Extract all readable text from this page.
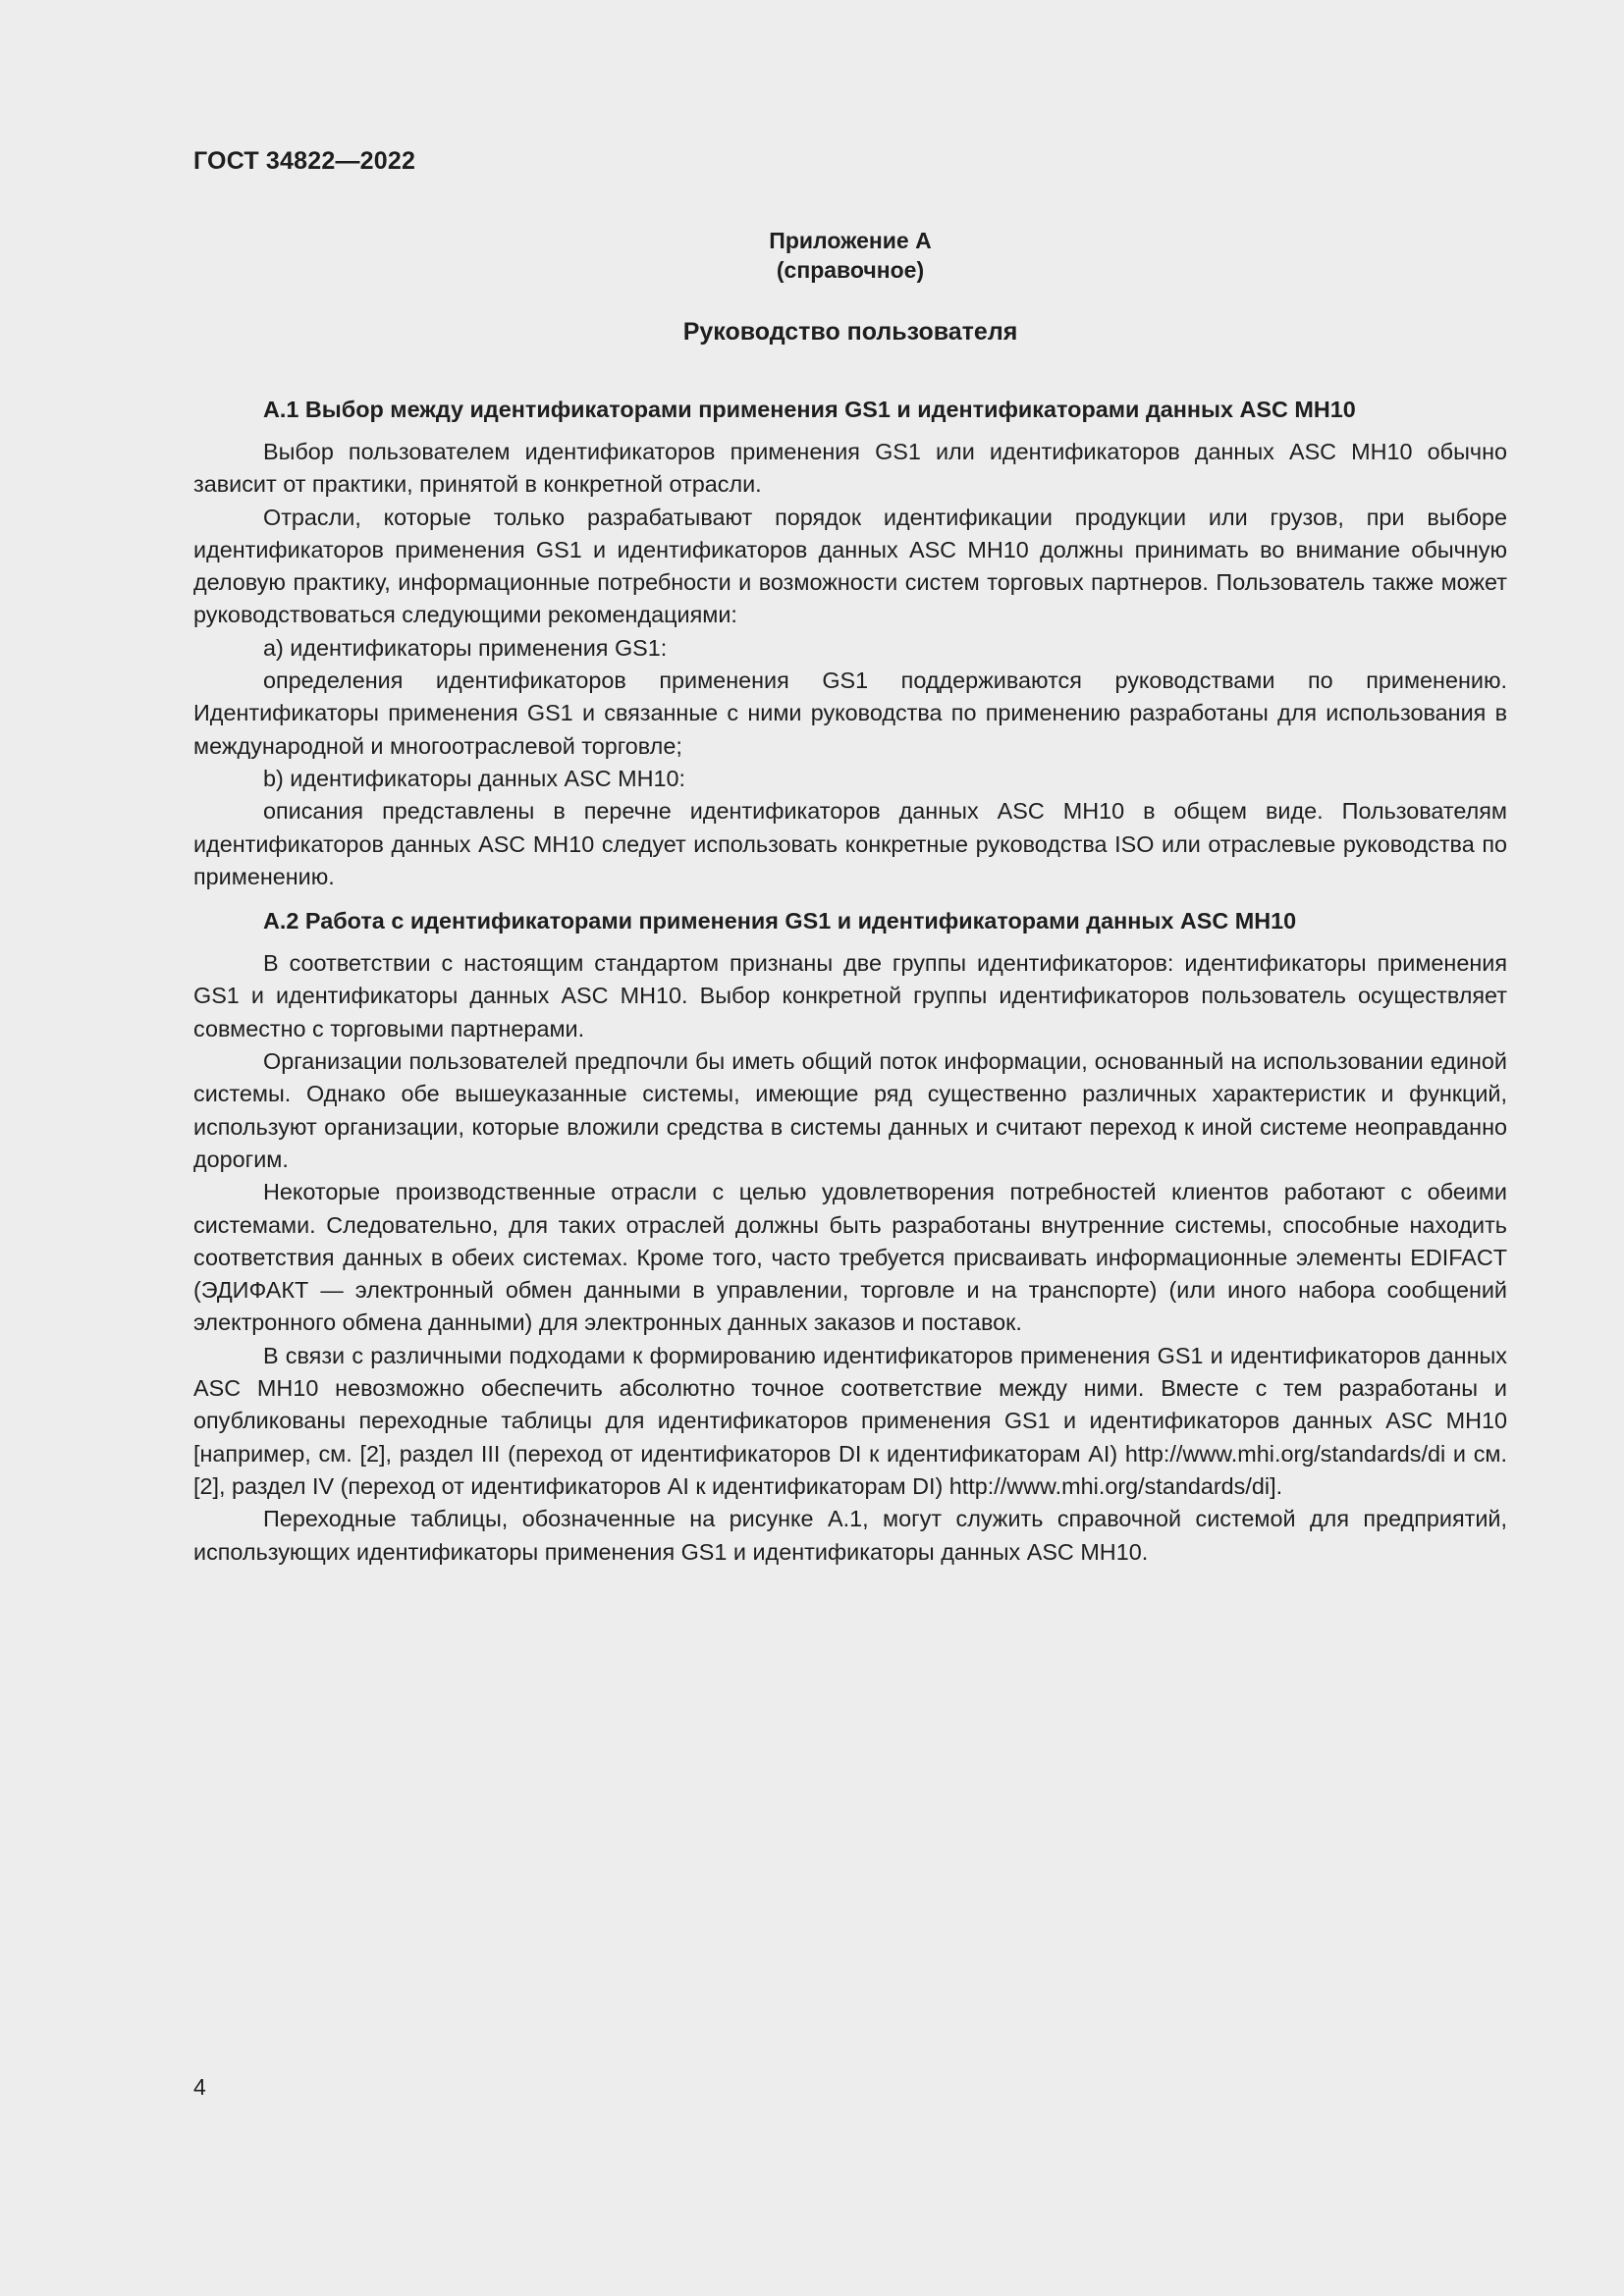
ГОСТ 34822—2022
Приложение А
(справочное)
Руководство пользователя
А.1 Выбор между идентификаторами применения GS1 и идентификаторами данных ASC MH10

Выбор пользователем идентификаторов применения GS1 или идентификаторов данных ASC MH10 обычно зависит от практики, принятой в конкретной отрасли.

Отрасли, которые только разрабатывают порядок идентификации продукции или грузов, при выборе идентификаторов применения GS1 и идентификаторов данных ASC MH10 должны принимать во внимание обычную деловую практику, информационные потребности и возможности систем торговых партнеров. Пользователь также может руководствоваться следующими рекомендациями:

а) идентификаторы применения GS1:

определения идентификаторов применения GS1 поддерживаются руководствами по применению. Идентификаторы применения GS1 и связанные с ними руководства по применению разработаны для использования в международной и многоотраслевой торговле;

b) идентификаторы данных ASC MH10:

описания представлены в перечне идентификаторов данных ASC MH10 в общем виде. Пользователям идентификаторов данных ASC MH10 следует использовать конкретные руководства ISO или отраслевые руководства по применению.

А.2 Работа с идентификаторами применения GS1 и идентификаторами данных ASC MH10

В соответствии с настоящим стандартом признаны две группы идентификаторов: идентификаторы применения GS1 и идентификаторы данных ASC MH10. Выбор конкретной группы идентификаторов пользователь осуществляет совместно с торговыми партнерами.

Организации пользователей предпочли бы иметь общий поток информации, основанный на использовании единой системы. Однако обе вышеуказанные системы, имеющие ряд существенно различных характеристик и функций, используют организации, которые вложили средства в системы данных и считают переход к иной системе неоправданно дорогим.

Некоторые производственные отрасли с целью удовлетворения потребностей клиентов работают с обеими системами. Следовательно, для таких отраслей должны быть разработаны внутренние системы, способные находить соответствия данных в обеих системах. Кроме того, часто требуется присваивать информационные элементы EDIFACT (ЭДИФАКТ — электронный обмен данными в управлении, торговле и на транспорте) (или иного набора сообщений электронного обмена данными) для электронных данных заказов и поставок.

В связи с различными подходами к формированию идентификаторов применения GS1 и идентификаторов данных ASC MH10 невозможно обеспечить абсолютно точное соответствие между ними. Вместе с тем разработаны и опубликованы переходные таблицы для идентификаторов применения GS1 и идентификаторов данных ASC MH10 [например, см. [2], раздел III (переход от идентификаторов DI к идентификаторам AI) http://www.mhi.org/standards/di и см. [2], раздел IV (переход от идентификаторов AI к идентификаторам DI) http://www.mhi.org/standards/di].

Переходные таблицы, обозначенные на рисунке А.1, могут служить справочной системой для предприятий, использующих идентификаторы применения GS1 и идентификаторы данных ASC MH10.

4
